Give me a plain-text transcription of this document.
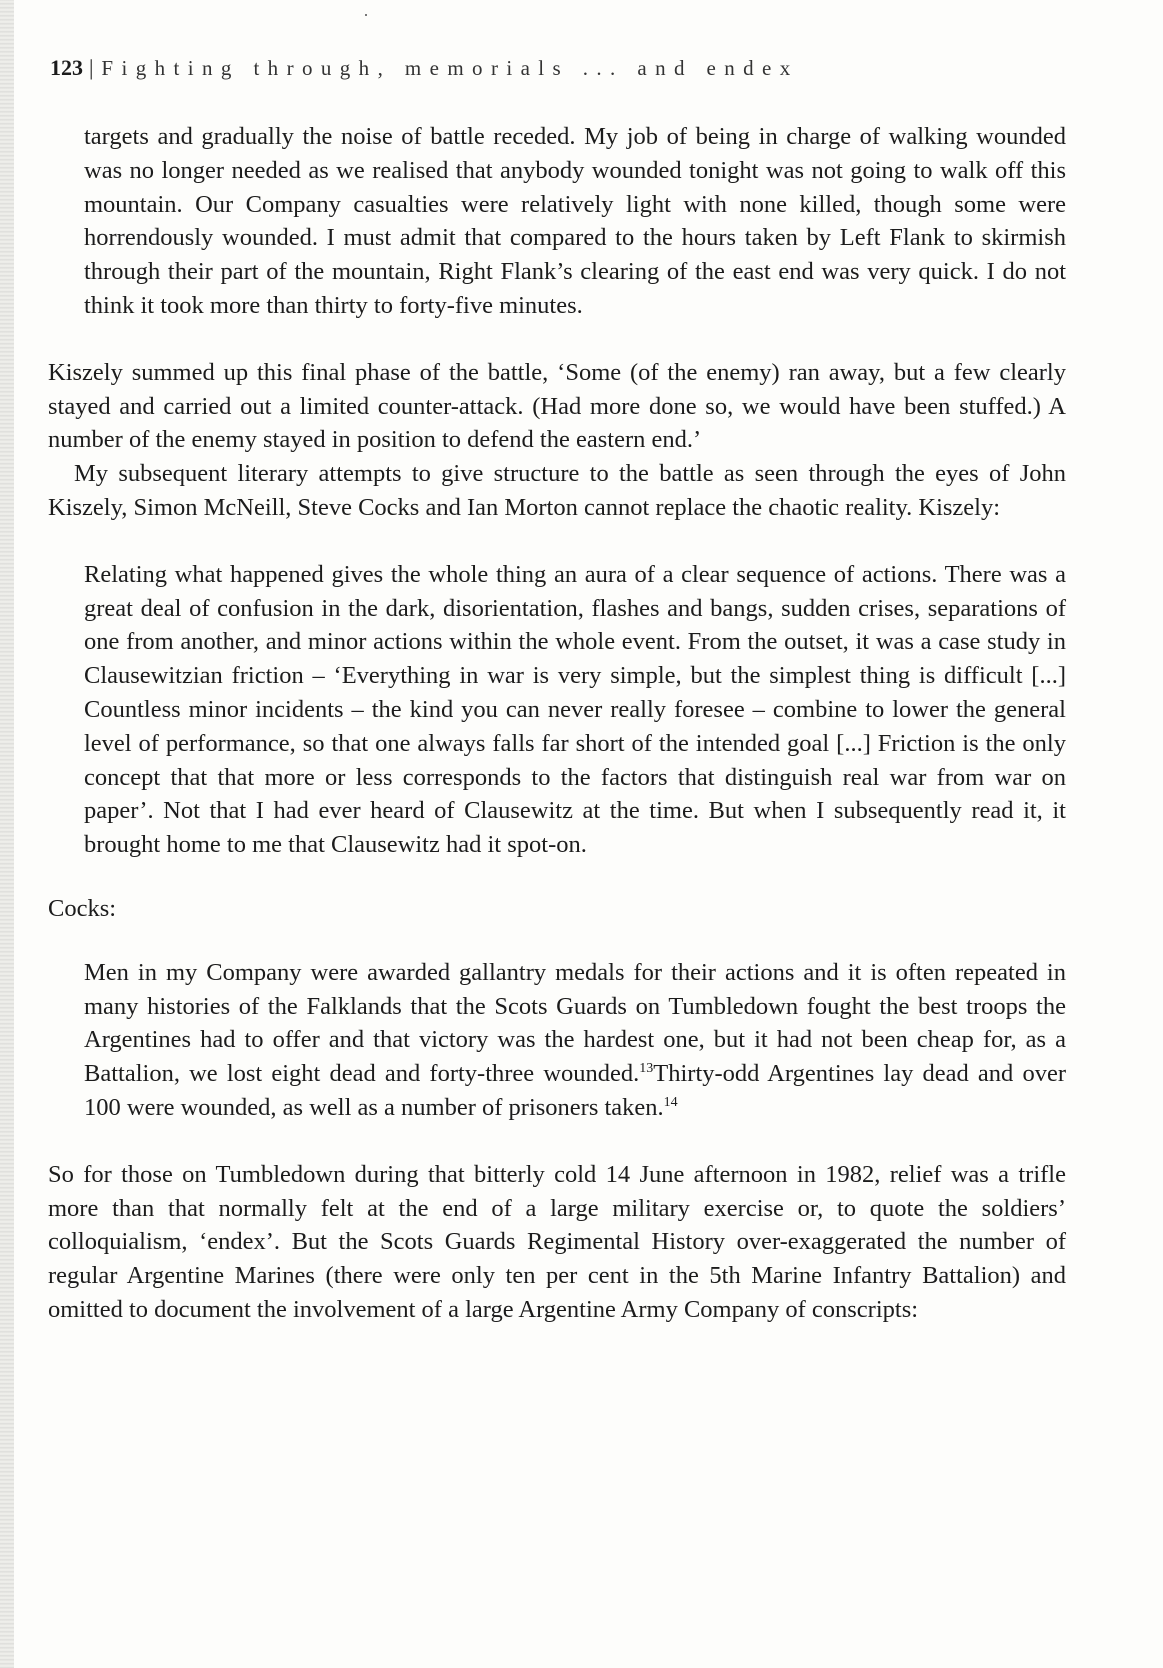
123 | Fighting through, memorials ... and endex

targets and gradually the noise of battle receded. My job of being in charge of walking wounded was no longer needed as we realised that anybody wounded tonight was not going to walk off this mountain. Our Company casualties were relatively light with none killed, though some were horrendously wounded. I must admit that compared to the hours taken by Left Flank to skirmish through their part of the mountain, Right Flank’s clearing of the east end was very quick. I do not think it took more than thirty to forty-five minutes.

Kiszely summed up this final phase of the battle, ‘Some (of the enemy) ran away, but a few clearly stayed and carried out a limited counter-attack. (Had more done so, we would have been stuffed.) A number of the enemy stayed in position to defend the eastern end.’

My subsequent literary attempts to give structure to the battle as seen through the eyes of John Kiszely, Simon McNeill, Steve Cocks and Ian Morton cannot replace the chaotic reality. Kiszely:

Relating what happened gives the whole thing an aura of a clear sequence of actions. There was a great deal of confusion in the dark, disorientation, flashes and bangs, sudden crises, separations of one from another, and minor actions within the whole event. From the outset, it was a case study in Clausewitzian friction – ‘Everything in war is very simple, but the simplest thing is difficult [...] Countless minor incidents – the kind you can never really foresee – combine to lower the general level of performance, so that one always falls far short of the intended goal [...] Friction is the only concept that that more or less corresponds to the factors that distinguish real war from war on paper’. Not that I had ever heard of Clausewitz at the time. But when I subsequently read it, it brought home to me that Clausewitz had it spot-on.

Cocks:

Men in my Company were awarded gallantry medals for their actions and it is often repeated in many histories of the Falklands that the Scots Guards on Tumbledown fought the best troops the Argentines had to offer and that victory was the hardest one, but it had not been cheap for, as a Battalion, we lost eight dead and forty-three wounded.$^{13}$Thirty-odd Argentines lay dead and over 100 were wounded, as well as a number of prisoners taken.$^{14}$

So for those on Tumbledown during that bitterly cold 14 June afternoon in 1982, relief was a trifle more than that normally felt at the end of a large military exercise or, to quote the soldiers’ colloquialism, ‘endex’. But the Scots Guards Regimental History over-exaggerated the number of regular Argentine Marines (there were only ten per cent in the 5th Marine Infantry Battalion) and omitted to document the involvement of a large Argentine Army Company of conscripts:
